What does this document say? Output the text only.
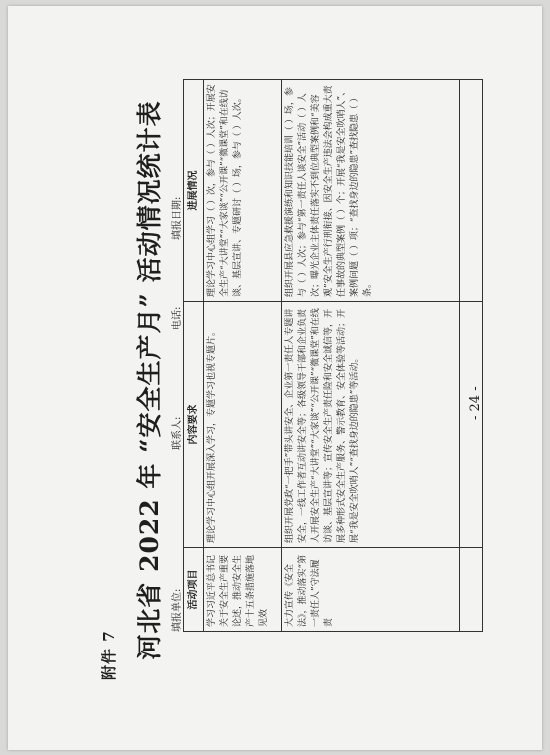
附件 7 河北省 2022 年 “安全生产月” 活动情况统计表 填报单位:
联系人:
电话:
填报日期:
活动项目	内容要求	进展情况
学习习近平总书记关于安全生产重要论述，推动安全生产十五条措施落地见效	理论学习中心组开展深入学习，专题学习也视专题片。	理论学习中心组学习（ ）次，参与（ ）人次；开展安全生产“大讲堂”“大家谈”“公开课”“微课堂”和在线访谈、基层宣讲、专题研讨（ ）场，参与（ ）人次。
大力宣传《安全法》，推动落实“第一责任人”守法履责	组织开展党政“一把手”带头讲安全、企业第一责任人专题讲安全，一线工作者互动讲安全等；各级领导干部和企业负责人开展安全生产“大讲堂”“大家谈”“公开课”“微课堂”和在线访谈、基层宣讲等；宣传安全生产责任险和安全诚信等，开展多种形式安全生产服务、警示教育、安全体验等活动；开展“我是安全吹哨人”“查找身边的隐患”等活动。	组织开展县应急救援演练和知识技能培训（ ）场，参与（ ）人次；参与“第一责任人谈安全”活动（ ）人次；曝光企业主体责任落实不到位典型案例和“美容观”安全生产行刑衔接、因安全生产违法会构成重大责任事故的典型案例（ ）个；开展“我是安全吹哨人”、案例问题（ ）项；“查找身边的隐患”查找隐患（ ）条。

- 24 -
